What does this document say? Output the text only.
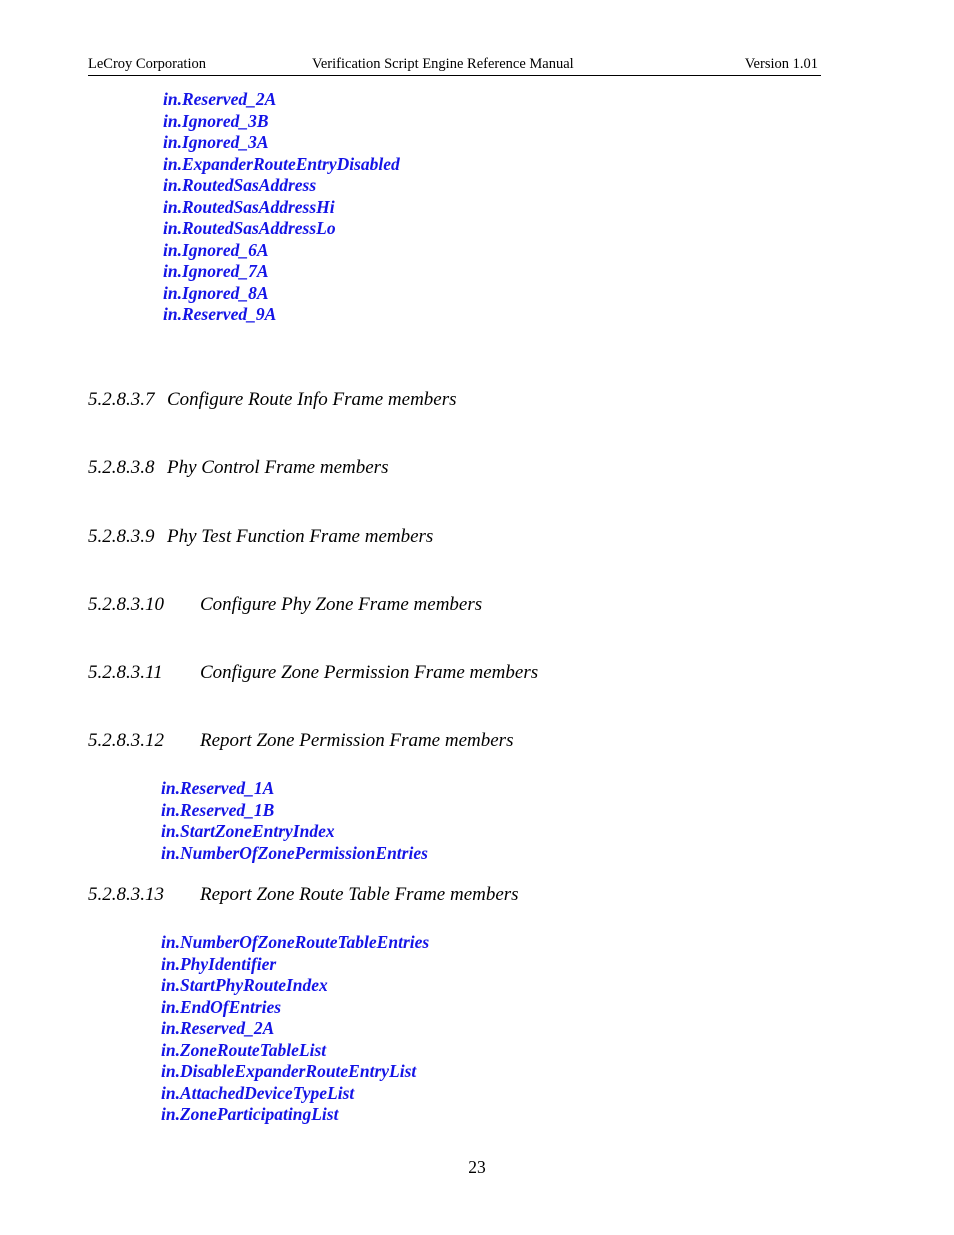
LeCroy Corporation	Verification Script Engine Reference Manual	Version 1.01
in.Reserved_2A
in.Ignored_3B
in.Ignored_3A
in.ExpanderRouteEntryDisabled
in.RoutedSasAddress
in.RoutedSasAddressHi
in.RoutedSasAddressLo
in.Ignored_6A
in.Ignored_7A
in.Ignored_8A
in.Reserved_9A
5.2.8.3.7 Configure Route Info Frame members
5.2.8.3.8 Phy Control Frame members
5.2.8.3.9 Phy Test Function Frame members
5.2.8.3.10 Configure Phy Zone Frame members
5.2.8.3.11 Configure Zone Permission Frame members
5.2.8.3.12 Report Zone Permission Frame members
in.Reserved_1A
in.Reserved_1B
in.StartZoneEntryIndex
in.NumberOfZonePermissionEntries
5.2.8.3.13 Report Zone Route Table Frame members
in.NumberOfZoneRouteTableEntries
in.PhyIdentifier
in.StartPhyRouteIndex
in.EndOfEntries
in.Reserved_2A
in.ZoneRouteTableList
in.DisableExpanderRouteEntryList
in.AttachedDeviceTypeList
in.ZoneParticipatingList
23
